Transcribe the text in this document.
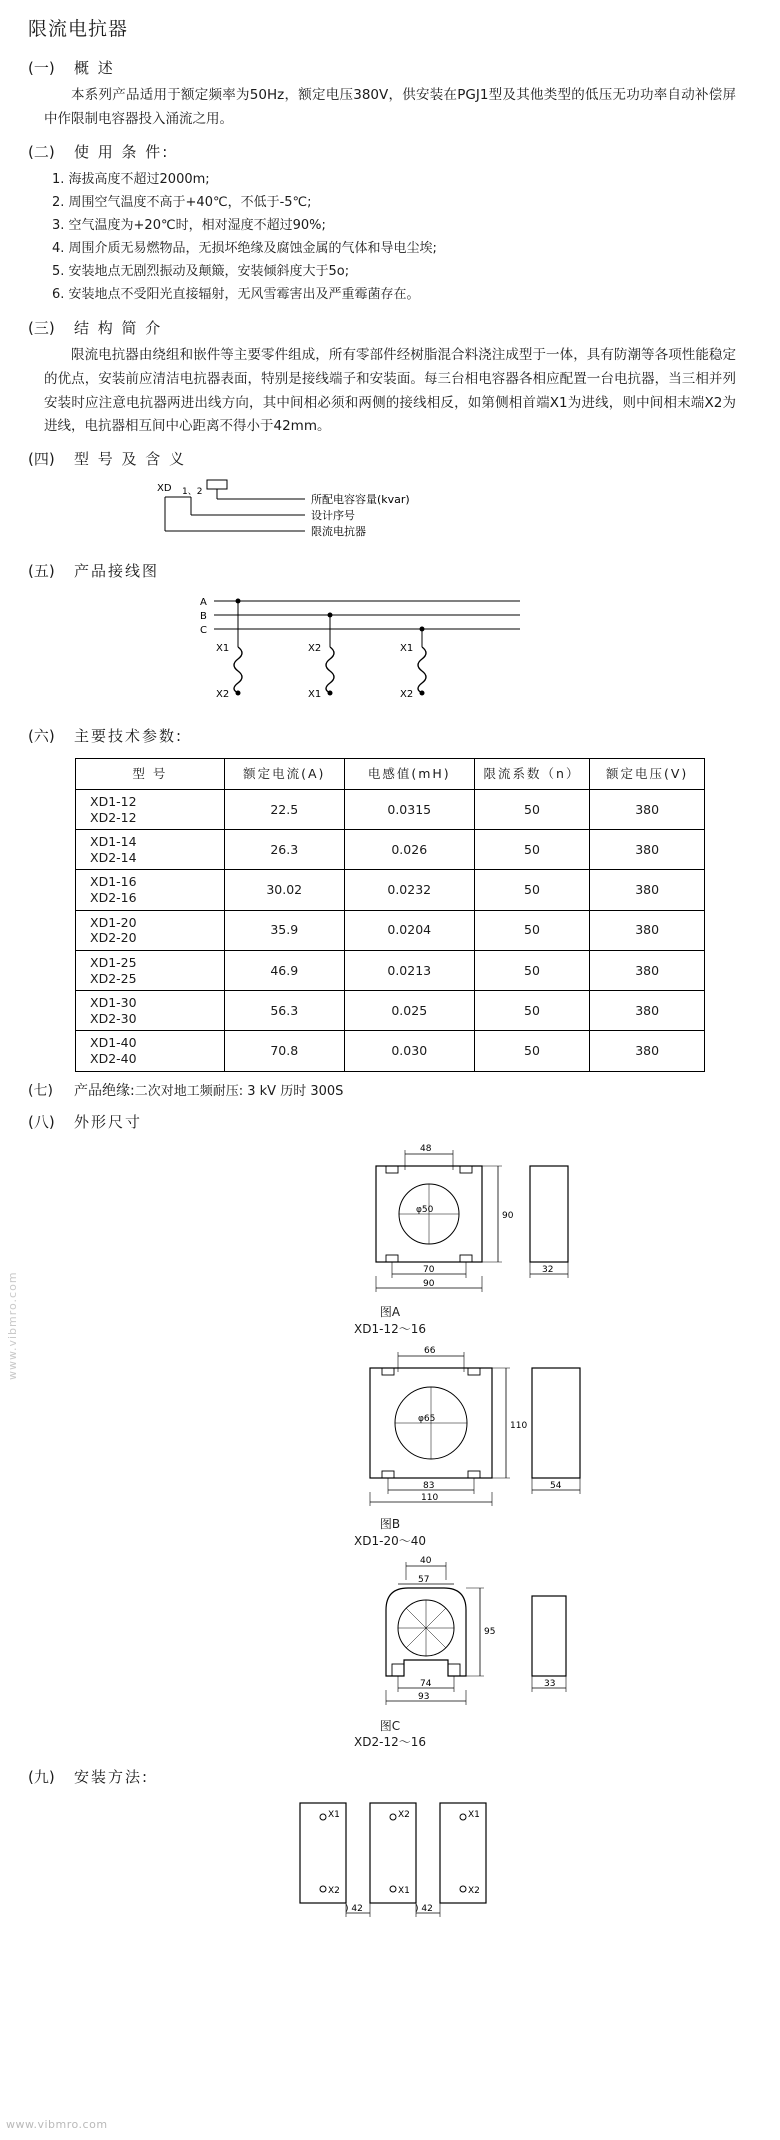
限流电抗器
(一) 概 述
本系列产品适用于额定频率为50Hz，额定电压380V，供安装在PGJ1型及其他类型的低压无功功率自动补偿屏中作限制电容器投入涌流之用。
(二) 使 用 条 件:
1. 海拔高度不超过2000m;
2. 周围空气温度不高于+40℃，不低于-5℃;
3. 空气温度为+20℃时，相对湿度不超过90%;
4. 周围介质无易燃物品，无损坏绝缘及腐蚀金属的气体和导电尘埃;
5. 安装地点无剧烈振动及颠簸，安装倾斜度大于5o;
6. 安装地点不受阳光直接辐射，无风雪霉害出及严重霉菌存在。
(三) 结 构 简 介
限流电抗器由绕组和嵌件等主要零件组成，所有零部件经树脂混合料浇注成型于一体，具有防潮等各项性能稳定的优点，安装前应清洁电抗器表面，特别是接线端子和安装面。每三台相电容器各相应配置一台电抗器，当三相并列安装时应注意电抗器两进出线方向，其中间相必须和两侧的接线相反，如第侧相首端X1为进线，则中间相末端X2为进线，电抗器相互间中心距离不得小于42mm。
(四) 型 号 及 含 义
XD 1、2
所配电容容量(kvar)
设计序号
限流电抗器
(五) 产品接线图
A
B
C
X1
X2
X2
X1
X1
X2
(六) 主要技术参数:
型 号	额定电流(A)	电感值(mH)	限流系数（n）	额定电压(V)

XD1-12
XD2-12	22.5	0.0315	50	380

XD1-14
XD2-14	26.3	0.026	50	380

XD1-16
XD2-16	30.02	0.0232	50	380

XD1-20
XD2-20	35.9	0.0204	50	380

XD1-25
XD2-25	46.9	0.0213	50	380

XD1-30
XD2-30	56.3	0.025	50	380

XD1-40
XD2-40	70.8	0.030	50	380
(七) 产品绝缘:二次对地工频耐压: 3 kV 历时 300S
(八) 外形尺寸
48
φ50
90
70
90
32
图A
XD1-12～16
66
φ65
110
83
110
54
图B
XD1-20～40
40
57
95
74
93
33
图C
XD2-12～16
(九) 安装方法:
X1
X2
X2
X1
X1
X2
) 42	) 42
www.vibmro.com
www.vibmro.com
